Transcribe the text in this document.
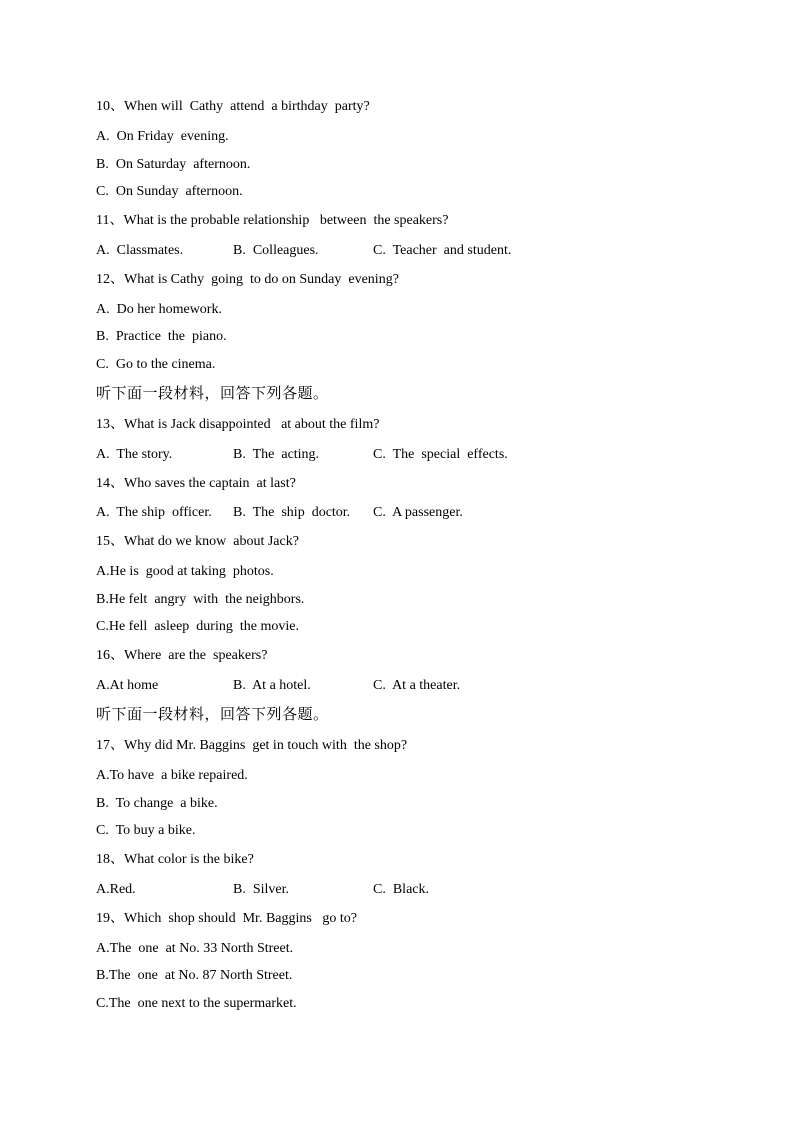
10、When will  Cathy  attend  a birthday  party?
A.  On Friday  evening.
B.  On Saturday  afternoon.
C.  On Sunday  afternoon.
11、What is the probable relationship   between  the speakers?
A.  Classmates.	B.  Colleagues.	C.  Teacher  and student.
12、What is Cathy  going  to do on Sunday  evening?
A.  Do her homework.
B.  Practice  the  piano.
C.  Go to the cinema.
听下面一段材料，回答下列各题。
13、What is Jack disappointed   at about the film?
A.  The story.	B.  The  acting.	C.  The  special  effects.
14、Who saves the captain  at last?
A.  The ship  officer. B.  The  ship  doctor. C.  A passenger.
15、What do we know  about Jack?
A.He is  good at taking  photos.
B.He felt  angry  with  the neighbors.
C.He fell  asleep  during  the movie.
16、Where  are the  speakers?
A.At home	B.  At a hotel.	C.  At a theater.
听下面一段材料，回答下列各题。
17、Why did Mr. Baggins  get in touch with  the shop?
A.To have  a bike repaired.
B.  To change  a bike.
C.  To buy a bike.
18、What color is the bike?
A.Red.	B.  Silver.	C.  Black.
19、Which  shop should  Mr. Baggins   go to?
A.The  one  at No. 33 North Street.
B.The  one  at No. 87 North Street.
C.The  one next to the supermarket.
